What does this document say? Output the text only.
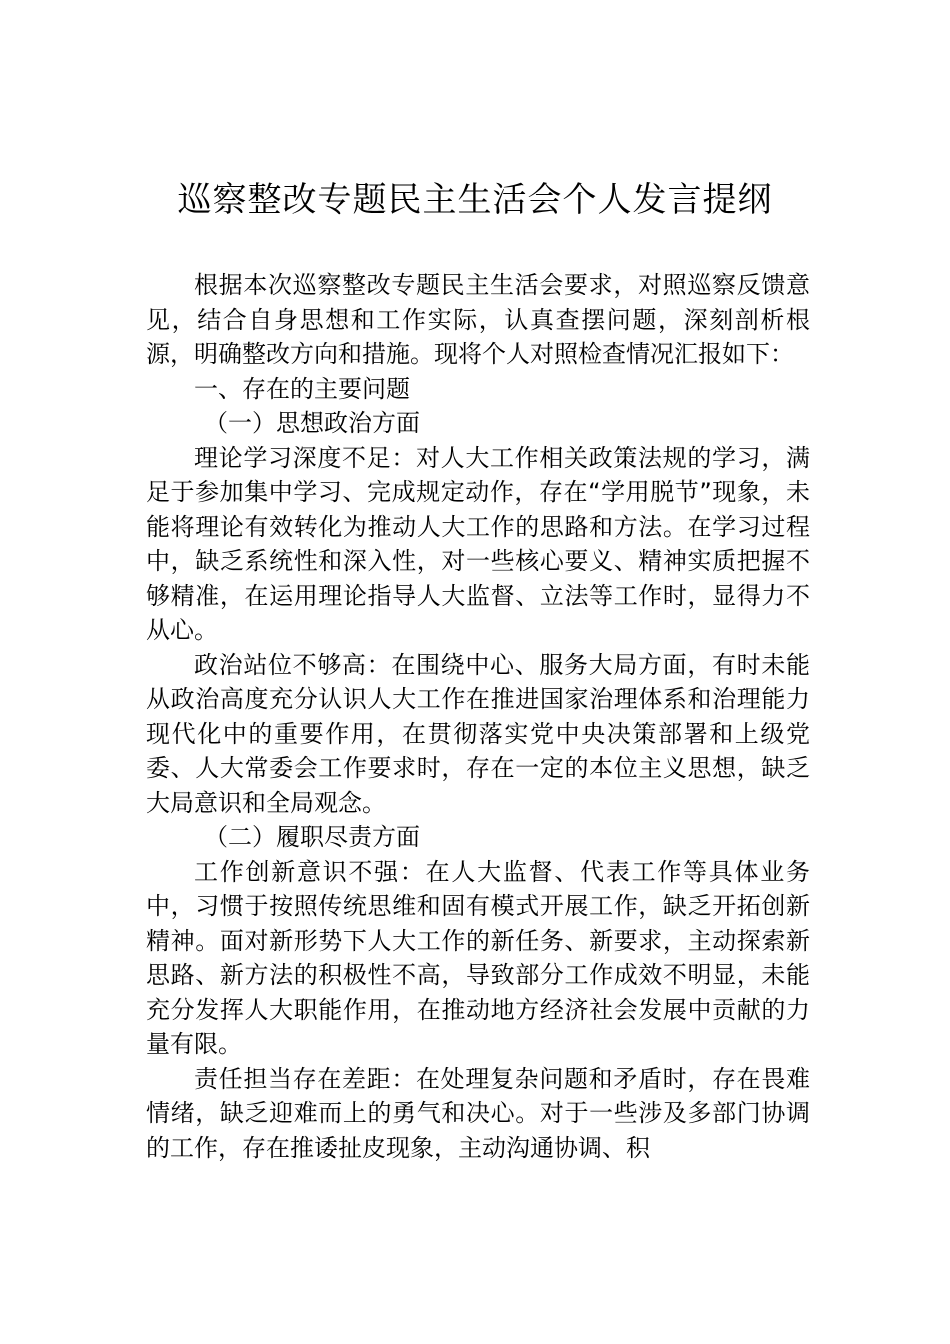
巡察整改专题民主生活会个人发言提纲

根据本次巡察整改专题民主生活会要求，对照巡察反馈意见，结合自身思想和工作实际，认真查摆问题，深刻剖析根源，明确整改方向和措施。现将个人对照检查情况汇报如下：

一、存在的主要问题

（一）思想政治方面

理论学习深度不足：对人大工作相关政策法规的学习，满足于参加集中学习、完成规定动作，存在“学用脱节”现象，未能将理论有效转化为推动人大工作的思路和方法。在学习过程中，缺乏系统性和深入性，对一些核心要义、精神实质把握不够精准，在运用理论指导人大监督、立法等工作时，显得力不从心。

政治站位不够高：在围绕中心、服务大局方面，有时未能从政治高度充分认识人大工作在推进国家治理体系和治理能力现代化中的重要作用，在贯彻落实党中央决策部署和上级党委、人大常委会工作要求时，存在一定的本位主义思想，缺乏大局意识和全局观念。

（二）履职尽责方面

工作创新意识不强：在人大监督、代表工作等具体业务中，习惯于按照传统思维和固有模式开展工作，缺乏开拓创新精神。面对新形势下人大工作的新任务、新要求，主动探索新思路、新方法的积极性不高，导致部分工作成效不明显，未能充分发挥人大职能作用，在推动地方经济社会发展中贡献的力量有限。

责任担当存在差距：在处理复杂问题和矛盾时，存在畏难情绪，缺乏迎难而上的勇气和决心。对于一些涉及多部门协调的工作，存在推诿扯皮现象，主动沟通协调、积
